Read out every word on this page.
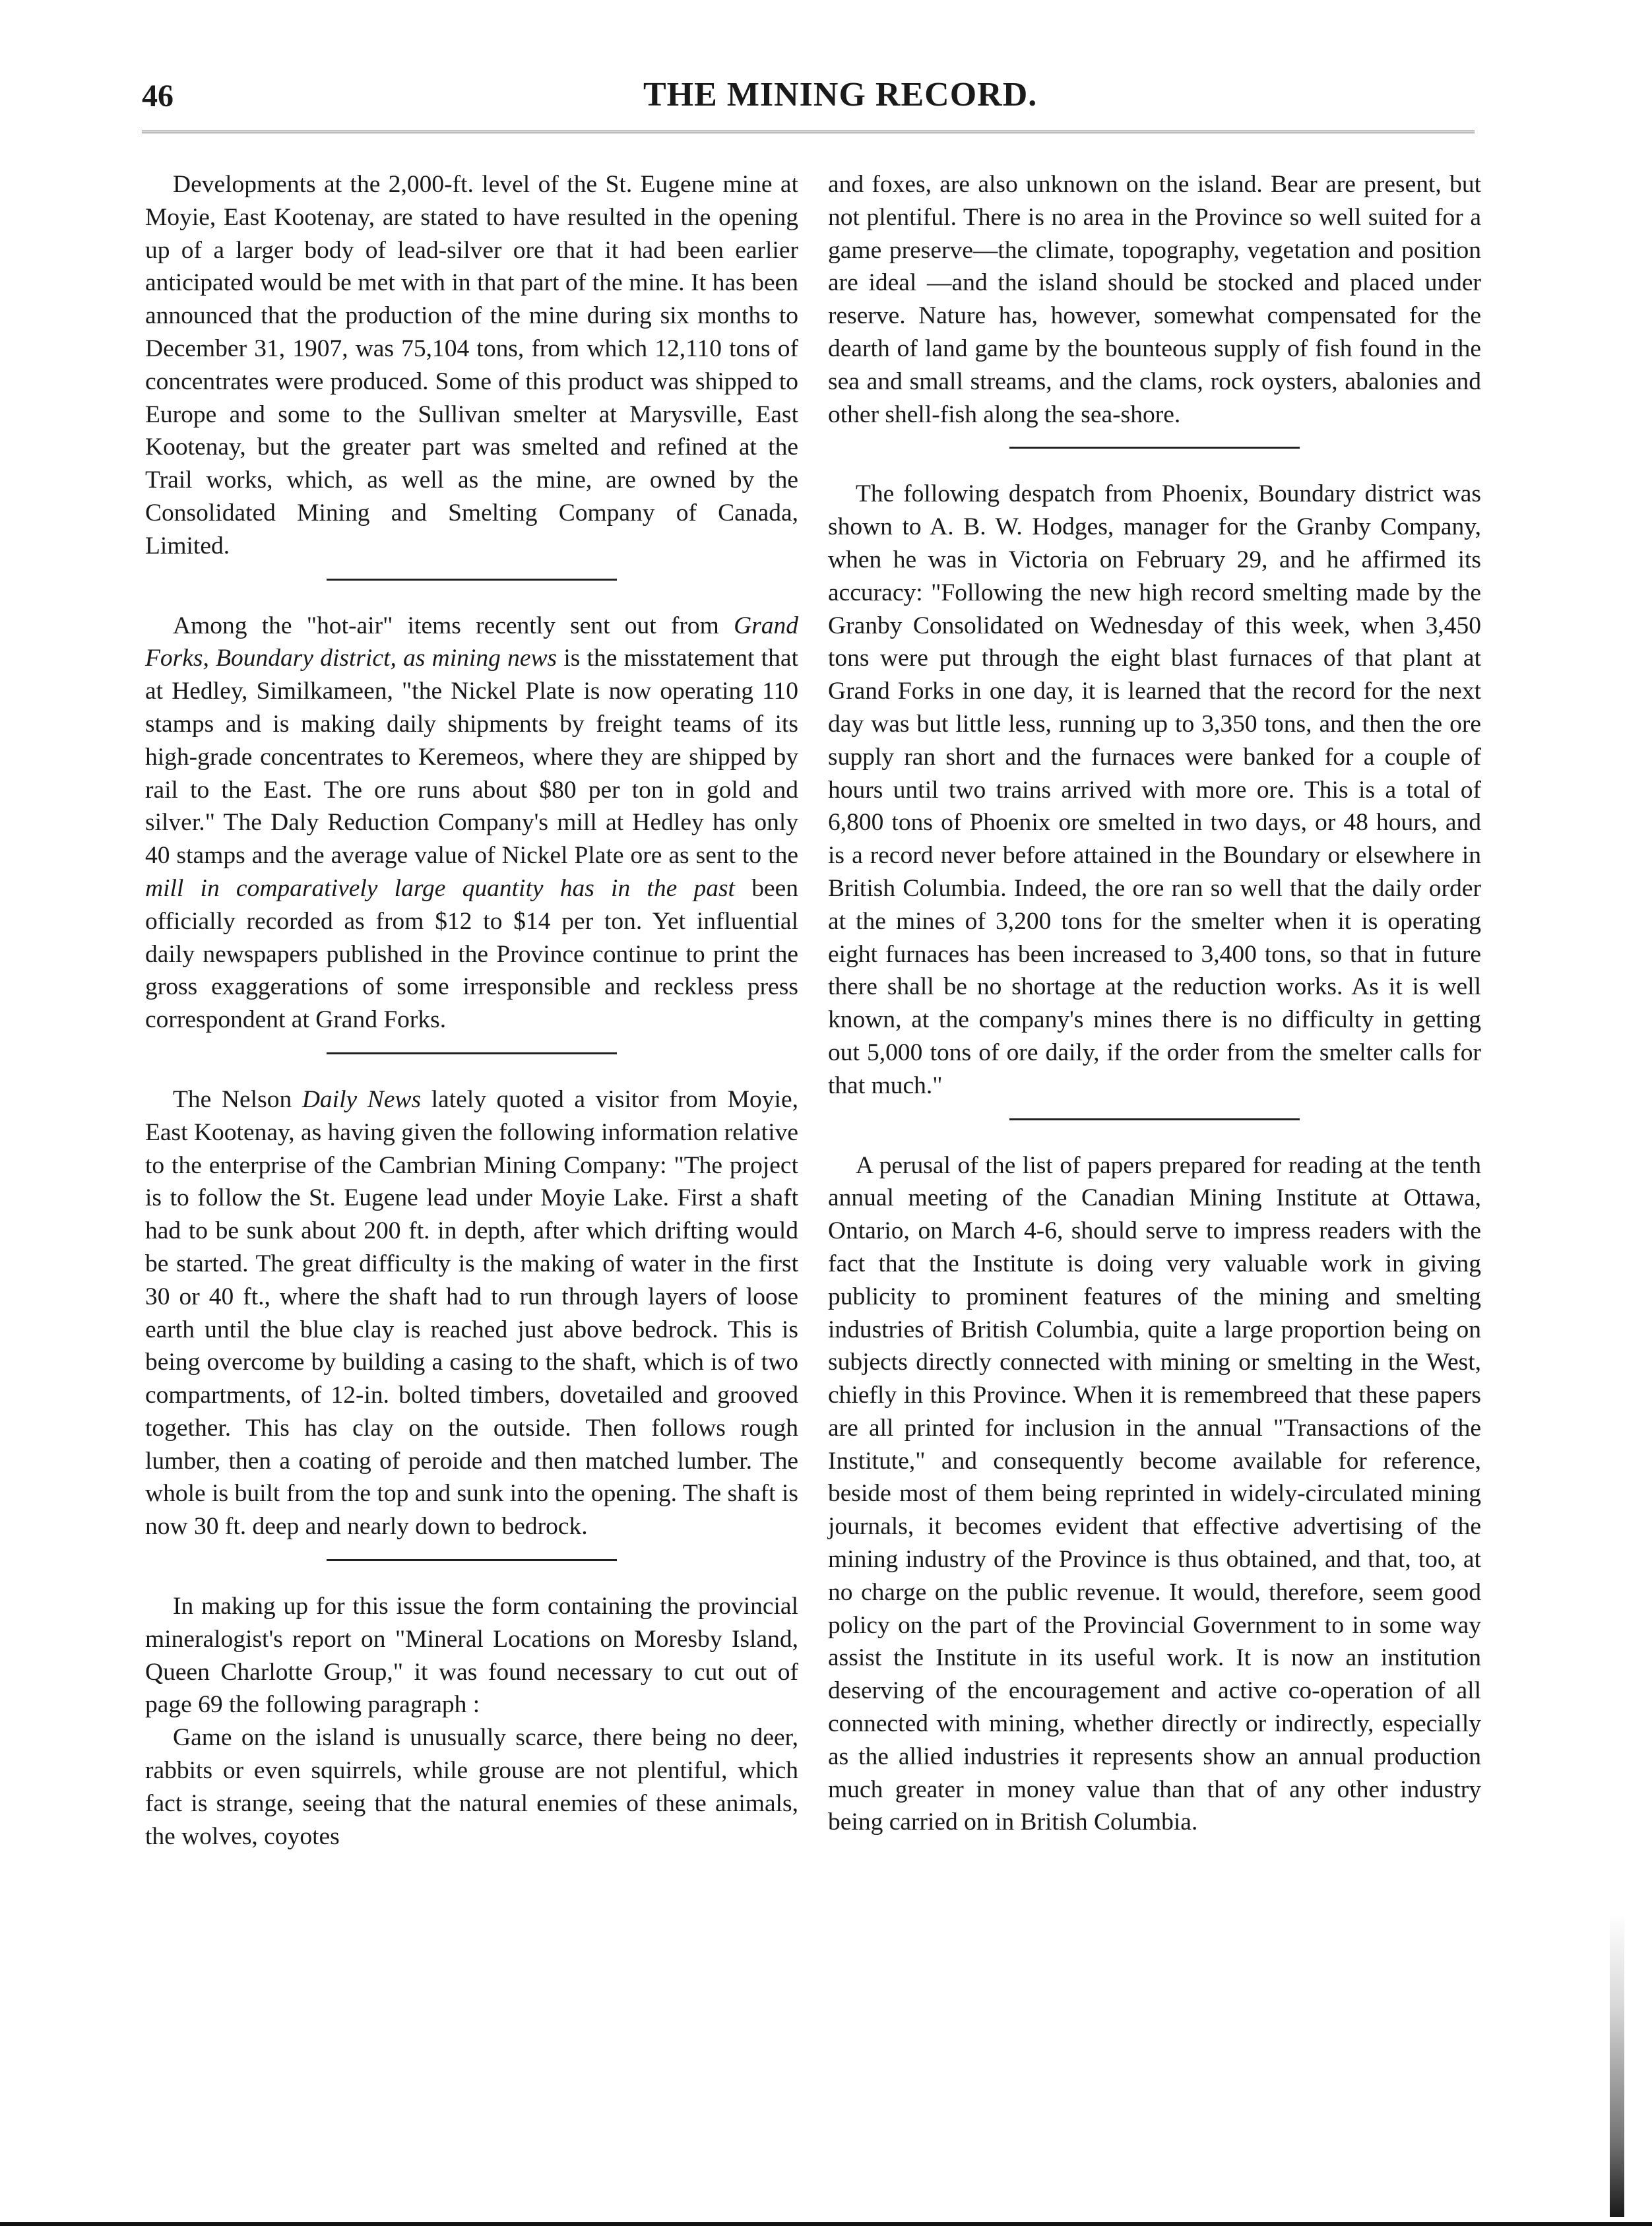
46	THE MINING RECORD.

Developments at the 2,000-ft. level of the St. Eugene mine at Moyie, East Kootenay, are stated to have resulted in the opening up of a larger body of lead-silver ore that it had been earlier anticipated would be met with in that part of the mine. It has been announced that the production of the mine during six months to December 31, 1907, was 75,104 tons, from which 12,110 tons of concentrates were produced. Some of this product was shipped to Europe and some to the Sullivan smelter at Marysville, East Kootenay, but the greater part was smelted and refined at the Trail works, which, as well as the mine, are owned by the Consolidated Mining and Smelting Company of Canada, Limited.

Among the "hot-air" items recently sent out from Grand Forks, Boundary district, as mining news is the misstatement that at Hedley, Similkameen, "the Nickel Plate is now operating 110 stamps and is making daily shipments by freight teams of its high-grade concentrates to Keremeos, where they are shipped by rail to the East. The ore runs about $80 per ton in gold and silver." The Daly Reduction Company's mill at Hedley has only 40 stamps and the average value of Nickel Plate ore as sent to the mill in comparatively large quantity has in the past been officially recorded as from $12 to $14 per ton. Yet influential daily newspapers published in the Province continue to print the gross exaggerations of some irresponsible and reckless press correspondent at Grand Forks.

The Nelson Daily News lately quoted a visitor from Moyie, East Kootenay, as having given the following information relative to the enterprise of the Cambrian Mining Company: "The project is to follow the St. Eugene lead under Moyie Lake. First a shaft had to be sunk about 200 ft. in depth, after which drifting would be started. The great difficulty is the making of water in the first 30 or 40 ft., where the shaft had to run through layers of loose earth until the blue clay is reached just above bedrock. This is being overcome by building a casing to the shaft, which is of two compartments, of 12-in. bolted timbers, dovetailed and grooved together. This has clay on the outside. Then follows rough lumber, then a coating of peroide and then matched lumber. The whole is built from the top and sunk into the opening. The shaft is now 30 ft. deep and nearly down to bedrock.

In making up for this issue the form containing the provincial mineralogist's report on "Mineral Locations on Moresby Island, Queen Charlotte Group," it was found necessary to cut out of page 69 the following paragraph :

Game on the island is unusually scarce, there being no deer, rabbits or even squirrels, while grouse are not plentiful, which fact is strange, seeing that the natural enemies of these animals, the wolves, coyotes

and foxes, are also unknown on the island. Bear are present, but not plentiful. There is no area in the Province so well suited for a game preserve—the climate, topography, vegetation and position are ideal —and the island should be stocked and placed under reserve. Nature has, however, somewhat compensated for the dearth of land game by the bounteous supply of fish found in the sea and small streams, and the clams, rock oysters, abalonies and other shell-fish along the sea-shore.

The following despatch from Phoenix, Boundary district was shown to A. B. W. Hodges, manager for the Granby Company, when he was in Victoria on February 29, and he affirmed its accuracy: "Following the new high record smelting made by the Granby Consolidated on Wednesday of this week, when 3,450 tons were put through the eight blast furnaces of that plant at Grand Forks in one day, it is learned that the record for the next day was but little less, running up to 3,350 tons, and then the ore supply ran short and the furnaces were banked for a couple of hours until two trains arrived with more ore. This is a total of 6,800 tons of Phoenix ore smelted in two days, or 48 hours, and is a record never before attained in the Boundary or elsewhere in British Columbia. Indeed, the ore ran so well that the daily order at the mines of 3,200 tons for the smelter when it is operating eight furnaces has been increased to 3,400 tons, so that in future there shall be no shortage at the reduction works. As it is well known, at the company's mines there is no difficulty in getting out 5,000 tons of ore daily, if the order from the smelter calls for that much."

A perusal of the list of papers prepared for reading at the tenth annual meeting of the Canadian Mining Institute at Ottawa, Ontario, on March 4-6, should serve to impress readers with the fact that the Institute is doing very valuable work in giving publicity to prominent features of the mining and smelting industries of British Columbia, quite a large proportion being on subjects directly connected with mining or smelting in the West, chiefly in this Province. When it is remembreed that these papers are all printed for inclusion in the annual "Transactions of the Institute," and consequently become available for reference, beside most of them being reprinted in widely-circulated mining journals, it becomes evident that effective advertising of the mining industry of the Province is thus obtained, and that, too, at no charge on the public revenue. It would, therefore, seem good policy on the part of the Provincial Government to in some way assist the Institute in its useful work. It is now an institution deserving of the encouragement and active co-operation of all connected with mining, whether directly or indirectly, especially as the allied industries it represents show an annual production much greater in money value than that of any other industry being carried on in British Columbia.
